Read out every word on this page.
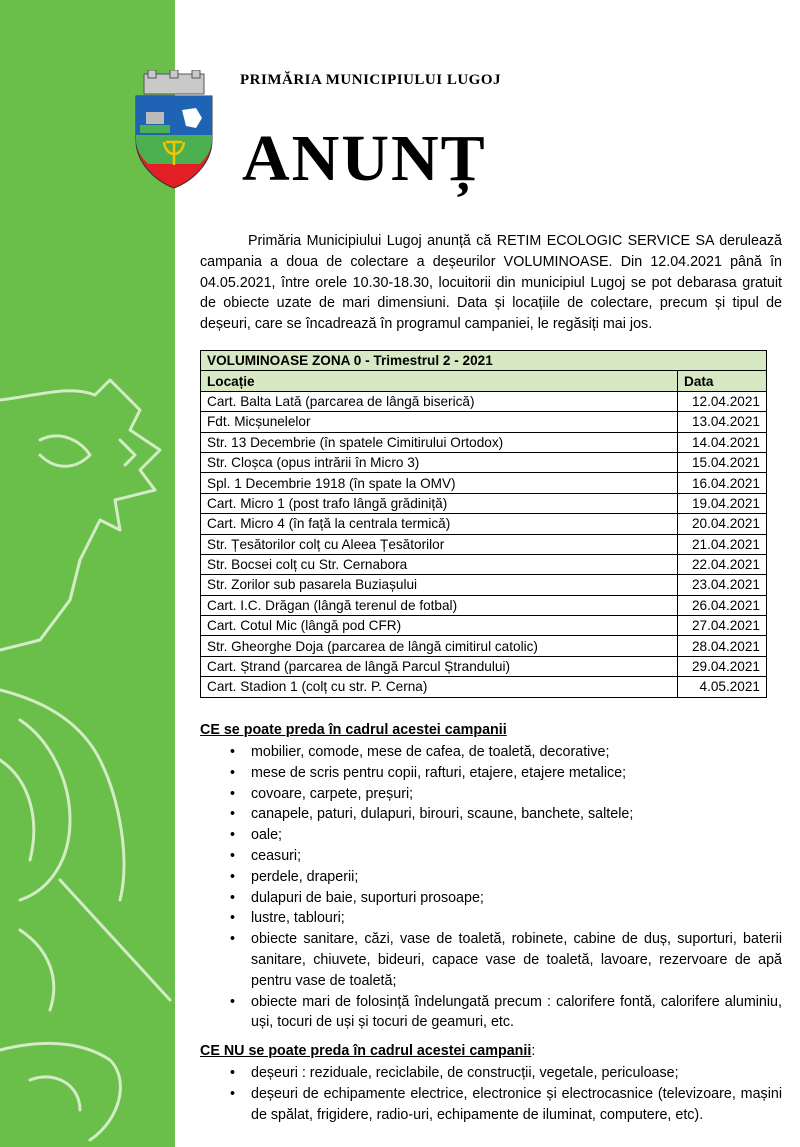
PRIMĂRIA MUNICIPIULUI LUGOJ
ANUNȚ

Primăria Municipiului Lugoj anunță că RETIM ECOLOGIC SERVICE SA derulează campania a doua de colectare a deșeurilor VOLUMINOASE. Din 12.04.2021 până în 04.05.2021, între orele 10.30-18.30, locuitorii din municipiul Lugoj se pot debarasa gratuit de obiecte uzate de mari dimensiuni. Data și locațiile de colectare, precum și tipul de deșeuri, care se încadrează în programul campaniei, le regăsiți mai jos.

VOLUMINOASE ZONA 0 - Trimestrul 2 - 2021	
Locație	Data
Cart. Balta Lată (parcarea de lângă biserică)	12.04.2021
Fdt. Micșunelelor	13.04.2021
Str. 13 Decembrie (în spatele Cimitirului Ortodox)	14.04.2021
Str. Cloșca (opus intrării în Micro 3)	15.04.2021
Spl. 1 Decembrie 1918 (în spate la OMV)	16.04.2021
Cart. Micro 1 (post trafo lângă grădiniță)	19.04.2021
Cart. Micro 4 (în față la centrala termică)	20.04.2021
Str. Țesătorilor colț cu Aleea Țesătorilor	21.04.2021
Str. Bocsei colț cu Str. Cernabora	22.04.2021
Str. Zorilor sub pasarela Buziașului	23.04.2021
Cart. I.C. Drăgan (lângă terenul de fotbal)	26.04.2021
Cart. Cotul Mic (lângă pod CFR)	27.04.2021
Str. Gheorghe Doja (parcarea de lângă cimitirul catolic)	28.04.2021
Cart. Ștrand (parcarea de lângă Parcul Ștrandului)	29.04.2021
Cart. Stadion 1 (colț cu str. P. Cerna)	4.05.2021

CE se poate preda în cadrul acestei campanii

• mobilier, comode, mese de cafea, de toaletă, decorative;
• mese de scris pentru copii, rafturi, etajere, etajere metalice;
• covoare, carpete, preșuri;
• canapele, paturi, dulapuri, birouri, scaune, banchete, saltele;
• oale;
• ceasuri;
• perdele, draperii;
• dulapuri de baie, suporturi prosoape;
• lustre, tablouri;
• obiecte sanitare, căzi, vase de toaletă, robinete, cabine de duș, suporturi, baterii sanitare, chiuvete, bideuri, capace vase de toaletă, lavoare, rezervoare de apă pentru vase de toaletă;
• obiecte mari de folosință îndelungată precum : calorifere fontă, calorifere aluminiu, uși, tocuri de uși și tocuri de geamuri, etc.

CE NU se poate preda în cadrul acestei campanii:

• deșeuri : reziduale, reciclabile, de construcții, vegetale, periculoase;
• deșeuri de echipamente electrice, electronice și electrocasnice (televizoare, mașini de spălat, frigidere, radio-uri, echipamente de iluminat, computere, etc).
